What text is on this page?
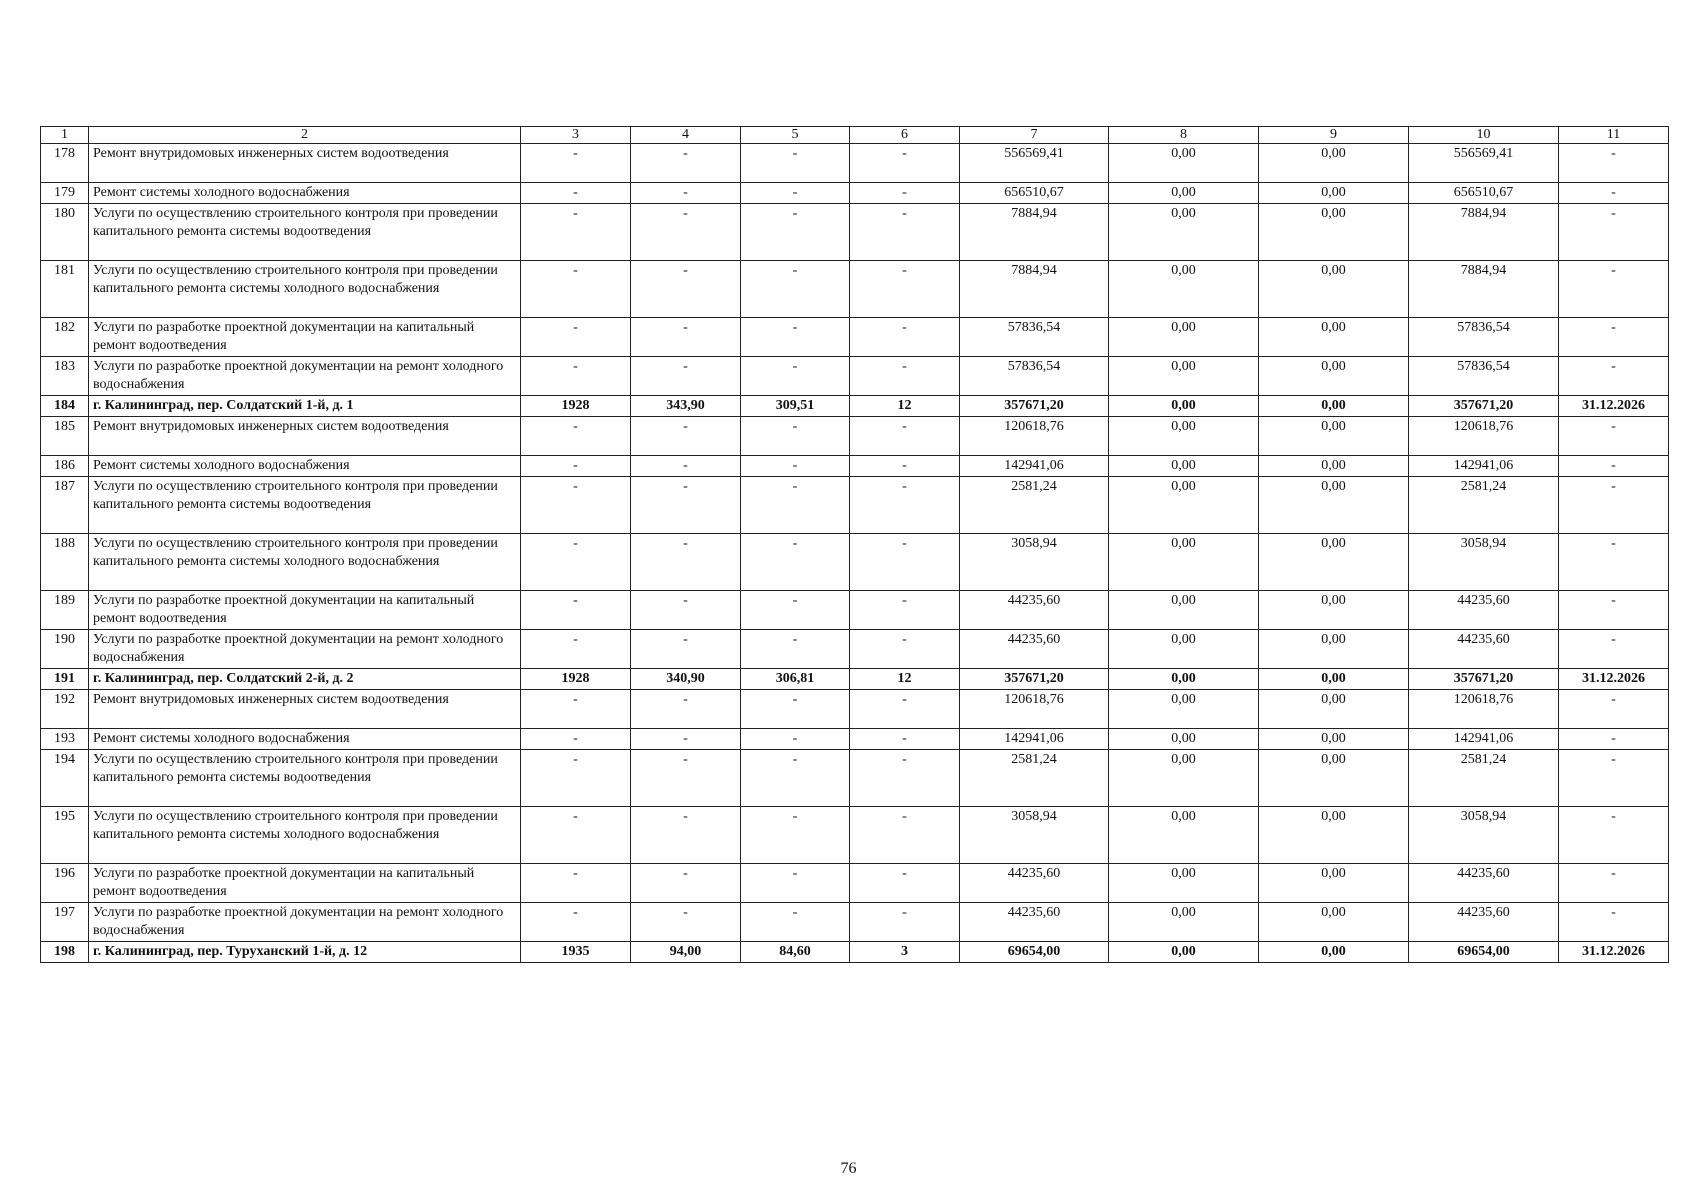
1	2	3	4	5	6	7	8	9	10	11
178	Ремонт внутридомовых инженерных систем водоотведения	-	-	-	-	556569,41	0,00	0,00	556569,41	-
179	Ремонт системы холодного водоснабжения	-	-	-	-	656510,67	0,00	0,00	656510,67	-
180	Услуги по осуществлению строительного контроля при проведении капитального ремонта системы водоотведения	-	-	-	-	7884,94	0,00	0,00	7884,94	-
181	Услуги по осуществлению строительного контроля при проведении капитального ремонта системы холодного водоснабжения	-	-	-	-	7884,94	0,00	0,00	7884,94	-
182	Услуги по разработке проектной документации на капитальный ремонт водоотведения	-	-	-	-	57836,54	0,00	0,00	57836,54	-
183	Услуги по разработке проектной документации на ремонт холодного водоснабжения	-	-	-	-	57836,54	0,00	0,00	57836,54	-
184	г. Калининград, пер. Солдатский 1-й, д. 1	1928	343,90	309,51	12	357671,20	0,00	0,00	357671,20	31.12.2026
185	Ремонт внутридомовых инженерных систем водоотведения	-	-	-	-	120618,76	0,00	0,00	120618,76	-
186	Ремонт системы холодного водоснабжения	-	-	-	-	142941,06	0,00	0,00	142941,06	-
187	Услуги по осуществлению строительного контроля при проведении капитального ремонта системы водоотведения	-	-	-	-	2581,24	0,00	0,00	2581,24	-
188	Услуги по осуществлению строительного контроля при проведении капитального ремонта системы холодного водоснабжения	-	-	-	-	3058,94	0,00	0,00	3058,94	-
189	Услуги по разработке проектной документации на капитальный ремонт водоотведения	-	-	-	-	44235,60	0,00	0,00	44235,60	-
190	Услуги по разработке проектной документации на ремонт холодного водоснабжения	-	-	-	-	44235,60	0,00	0,00	44235,60	-
191	г. Калининград, пер. Солдатский 2-й, д. 2	1928	340,90	306,81	12	357671,20	0,00	0,00	357671,20	31.12.2026
192	Ремонт внутридомовых инженерных систем водоотведения	-	-	-	-	120618,76	0,00	0,00	120618,76	-
193	Ремонт системы холодного водоснабжения	-	-	-	-	142941,06	0,00	0,00	142941,06	-
194	Услуги по осуществлению строительного контроля при проведении капитального ремонта системы водоотведения	-	-	-	-	2581,24	0,00	0,00	2581,24	-
195	Услуги по осуществлению строительного контроля при проведении капитального ремонта системы холодного водоснабжения	-	-	-	-	3058,94	0,00	0,00	3058,94	-
196	Услуги по разработке проектной документации на капитальный ремонт водоотведения	-	-	-	-	44235,60	0,00	0,00	44235,60	-
197	Услуги по разработке проектной документации на ремонт холодного водоснабжения	-	-	-	-	44235,60	0,00	0,00	44235,60	-
198	г. Калининград, пер. Туруханский 1-й, д. 12	1935	94,00	84,60	3	69654,00	0,00	0,00	69654,00	31.12.2026
76
